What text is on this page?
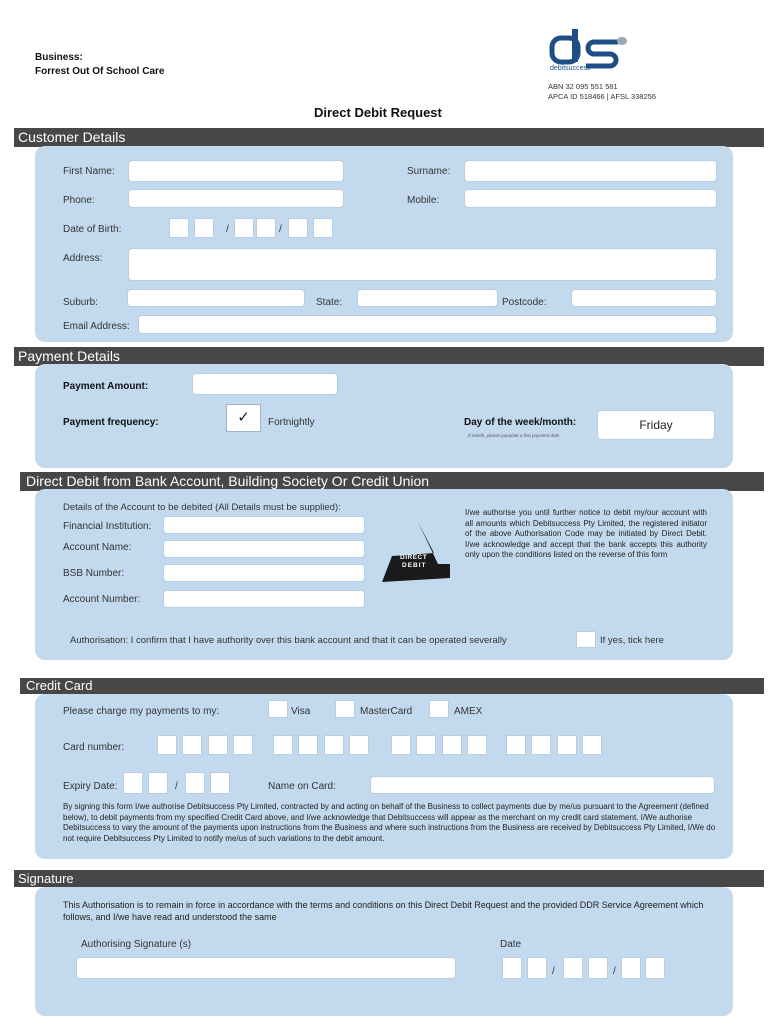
Business:
Forrest Out Of School Care	debitsuccess
ABN 32 095 551 581
APCA ID 518466 | AFSL 338256
Direct Debit Request
Customer Details
First Name:	Surname:
Phone:	Mobile:
Date of Birth:	/	/
Address:
Suburb:	State:	Postcode:
Email Address:
Payment Details
Payment Amount:
Payment frequency:	✓	Fortnightly	Day of the week/month:
If month, please populate a first payment date
Friday
Direct Debit from Bank Account, Building Society Or Credit Union
Details of the Account to be debited (All Details must be supplied):
Financial Institution:
Account Name:
BSB Number:
Account Number:
DIRECT
DEBIT
I/we authorise you until further notice to debit my/our account with all amounts which Debitsuccess Pty Limited, the registered initiator of the above Authorisation Code may be initiated by Direct Debit. I/we acknowledge and accept that the bank accepts this authority only upon the conditions listed on the reverse of this form
Authorisation: I confirm that I have authority over this bank account and that it can be operated severally	If yes, tick here
Credit Card
Please charge my payments to my:	Visa	MasterCard	AMEX
Card number:
Expiry Date:	/	Name on Card:
By signing this form I/we authorise Debitsuccess Pty Limited, contracted by and acting on behalf of the Business to collect payments due by me/us pursuant to the Agreement (defined below), to debit payments from my specified Credit Card above, and I/we acknowledge that Debitsuccess will appear as the merchant on my credit card statement. I/We authorise Debitsuccess to vary the amount of the payments upon instructions from the Business and where such instructions from the Business are received by Debitsuccess Pty Limited, I/We do not require Debitsuccess Pty Limited to notify me/us of such variations to the debit amount.
Signature
This Authorisation is to remain in force in accordance with the terms and conditions on this Direct Debit Request and the provided DDR Service Agreement which follows, and I/we have read and understood the same
Authorising Signature (s)	Date
/	/
